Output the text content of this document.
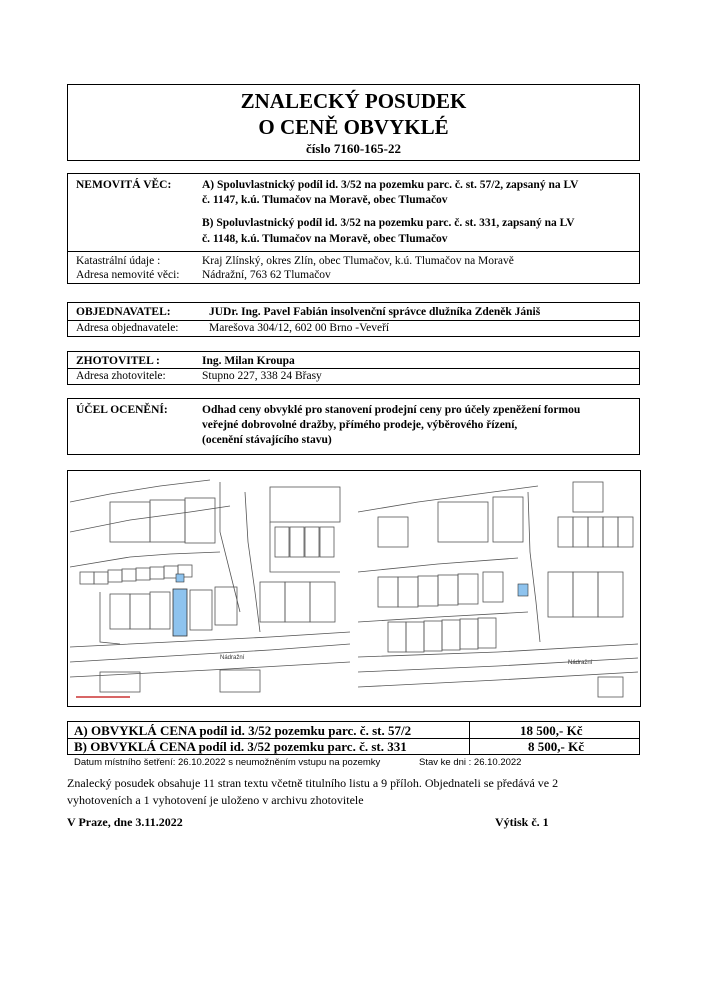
ZNALECKÝ POSUDEK
O CENĚ OBVYKLÉ
číslo 7160-165-22
NEMOVITÁ VĚC:	A) Spoluvlastnický podíl id. 3/52 na pozemku parc. č. st. 57/2, zapsaný na LV
č. 1147, k.ú. Tlumačov na Moravě, obec Tlumačov
B) Spoluvlastnický podíl id. 3/52 na pozemku parc. č. st. 331, zapsaný na LV
č. 1148, k.ú. Tlumačov na Moravě, obec Tlumačov
Katastrální údaje :	Kraj Zlínský, okres Zlín, obec Tlumačov, k.ú. Tlumačov na Moravě
Adresa nemovité věci: Nádražní, 763 62 Tlumačov
OBJEDNAVATEL:	JUDr. Ing. Pavel Fabián insolvenční správce dlužníka Zdeněk Jániš
Adresa objednavatele:	Marešova 304/12, 602 00 Brno -Veveří
ZHOTOVITEL :	Ing. Milan Kroupa
Adresa zhotovitele:	Stupno 227, 338 24 Břasy
ÚČEL OCENĚNÍ:	Odhad ceny obvyklé pro stanovení prodejní ceny pro účely zpeněžení formou
veřejné dobrovolné dražby, přímého prodeje, výběrového řízení,
(ocenění stávajícího stavu)
Nádražní
Nádražní
A) OBVYKLÁ CENA podíl id. 3/52 pozemku parc. č. st. 57/2	18 500,- Kč
B) OBVYKLÁ CENA podíl id. 3/52 pozemku parc. č. st. 331	8 500,- Kč
Datum místního šetření: 26.10.2022 s neumožněním vstupu na pozemky	Stav ke dni : 26.10.2022
Znalecký posudek obsahuje 11 stran textu včetně titulního listu a 9 příloh. Objednateli se předává ve 2
vyhotoveních a 1 vyhotovení je uloženo v archivu zhotovitele
V Praze, dne 3.11.2022	Výtisk č. 1
